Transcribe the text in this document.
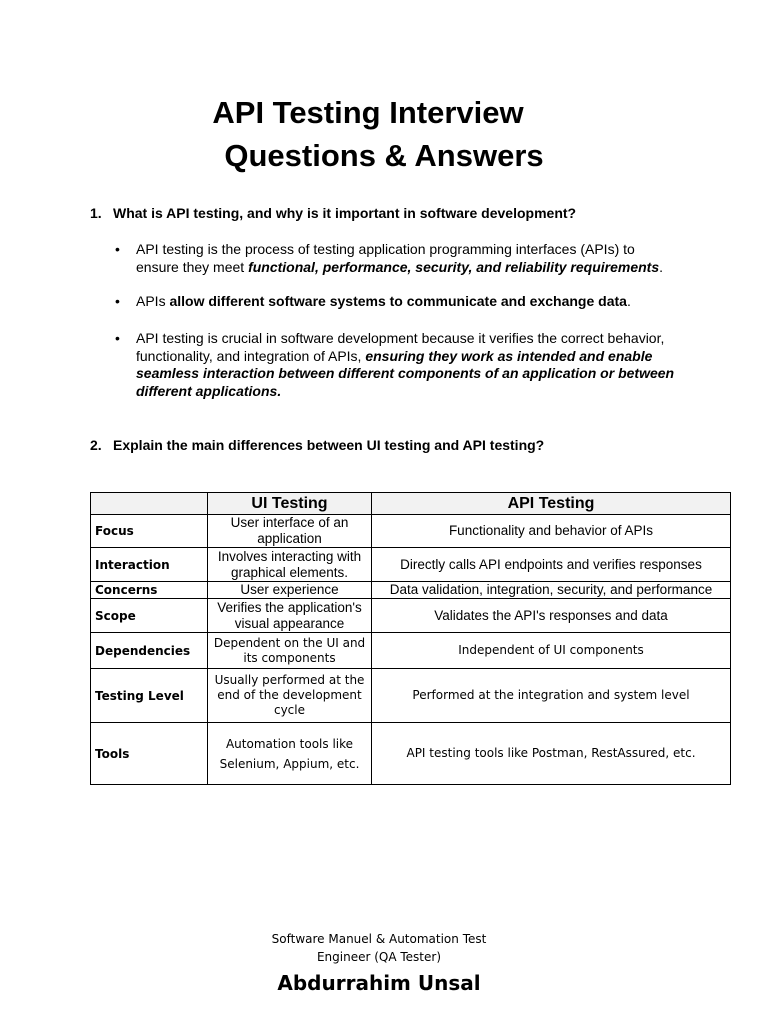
API Testing Interview
Questions & Answers
1. What is API testing, and why is it important in software development?
• API testing is the process of testing application programming interfaces (APIs) to ensure they meet functional, performance, security, and reliability requirements.
• APIs allow different software systems to communicate and exchange data.
• API testing is crucial in software development because it verifies the correct behavior, functionality, and integration of APIs, ensuring they work as intended and enable seamless interaction between different components of an application or between different applications.
2. Explain the main differences between UI testing and API testing?
	UI Testing	API Testing
Focus	User interface of an application	Functionality and behavior of APIs
Interaction	Involves interacting with graphical elements.	Directly calls API endpoints and verifies responses
Concerns	User experience	Data validation, integration, security, and performance
Scope	Verifies the application's visual appearance	Validates the API's responses and data
Dependencies	Dependent on the UI and its components	Independent of UI components
Testing Level	Usually performed at the end of the development cycle	Performed at the integration and system level
Tools	Automation tools like Selenium, Appium, etc.	API testing tools like Postman, RestAssured, etc.
Software Manuel & Automation Test
Engineer (QA Tester)
Abdurrahim Unsal
